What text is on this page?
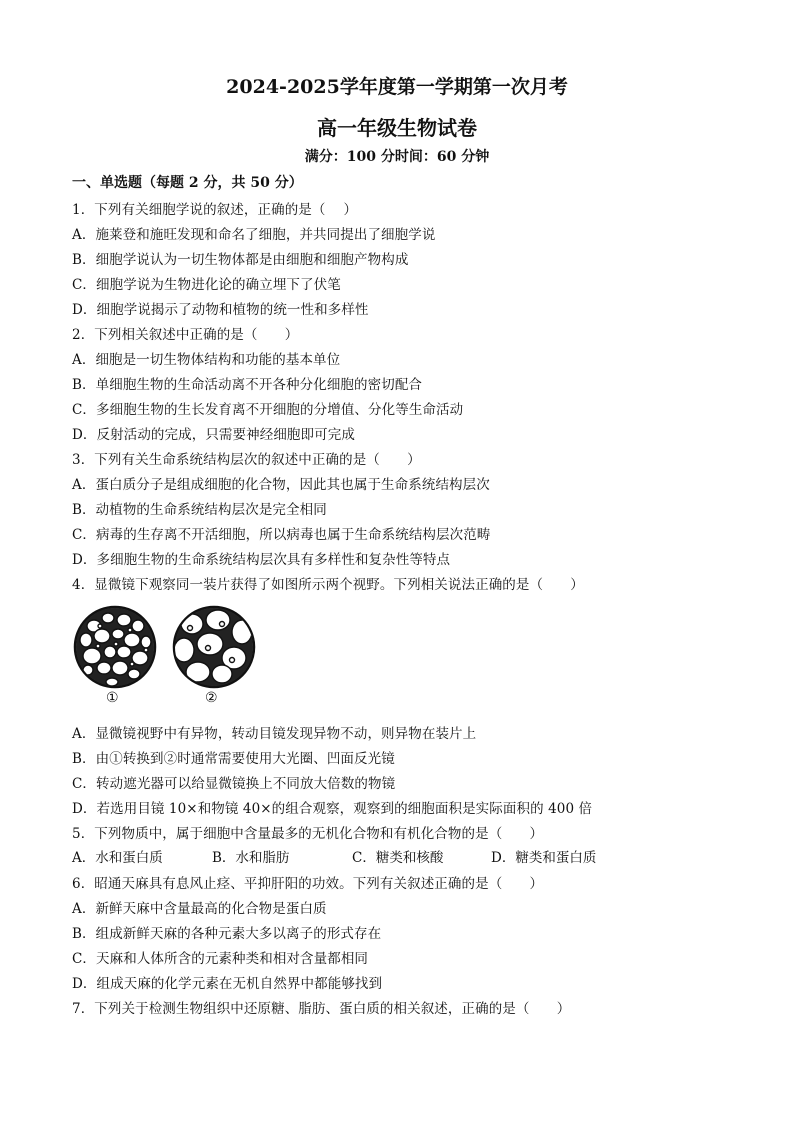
2024-2025学年度第一学期第一次月考
高一年级生物试卷
满分：100 分时间：60 分钟
一、单选题（每题 2 分，共 50 分）
1．下列有关细胞学说的叙述，正确的是（　 ）
A．施莱登和施旺发现和命名了细胞，并共同提出了细胞学说
B．细胞学说认为一切生物体都是由细胞和细胞产物构成
C．细胞学说为生物进化论的确立埋下了伏笔
D．细胞学说揭示了动物和植物的统一性和多样性
2．下列相关叙述中正确的是（　　）
A．细胞是一切生物体结构和功能的基本单位
B．单细胞生物的生命活动离不开各种分化细胞的密切配合
C．多细胞生物的生长发育离不开细胞的分增值、分化等生命活动
D．反射活动的完成，只需要神经细胞即可完成
3．下列有关生命系统结构层次的叙述中正确的是（　　）
A．蛋白质分子是组成细胞的化合物，因此其也属于生命系统结构层次
B．动植物的生命系统结构层次是完全相同
C．病毒的生存离不开活细胞，所以病毒也属于生命系统结构层次范畴
D．多细胞生物的生命系统结构层次具有多样性和复杂性等特点
4．显微镜下观察同一装片获得了如图所示两个视野。下列相关说法正确的是（　　）
①	②
A．显微镜视野中有异物，转动目镜发现异物不动，则异物在装片上
B．由①转换到②时通常需要使用大光圈、凹面反光镜
C．转动遮光器可以给显微镜换上不同放大倍数的物镜
D．若选用目镜 10×和物镜 40×的组合观察，观察到的细胞面积是实际面积的 400 倍
5．下列物质中，属于细胞中含量最多的无机化合物和有机化合物的是（　　）
A．水和蛋白质	B．水和脂肪	C．糖类和核酸	D．糖类和蛋白质
6．昭通天麻具有息风止痉、平抑肝阳的功效。下列有关叙述正确的是（　　）
A．新鲜天麻中含量最高的化合物是蛋白质
B．组成新鲜天麻的各种元素大多以离子的形式存在
C．天麻和人体所含的元素种类和相对含量都相同
D．组成天麻的化学元素在无机自然界中都能够找到
7．下列关于检测生物组织中还原糖、脂肪、蛋白质的相关叙述，正确的是（　　）
